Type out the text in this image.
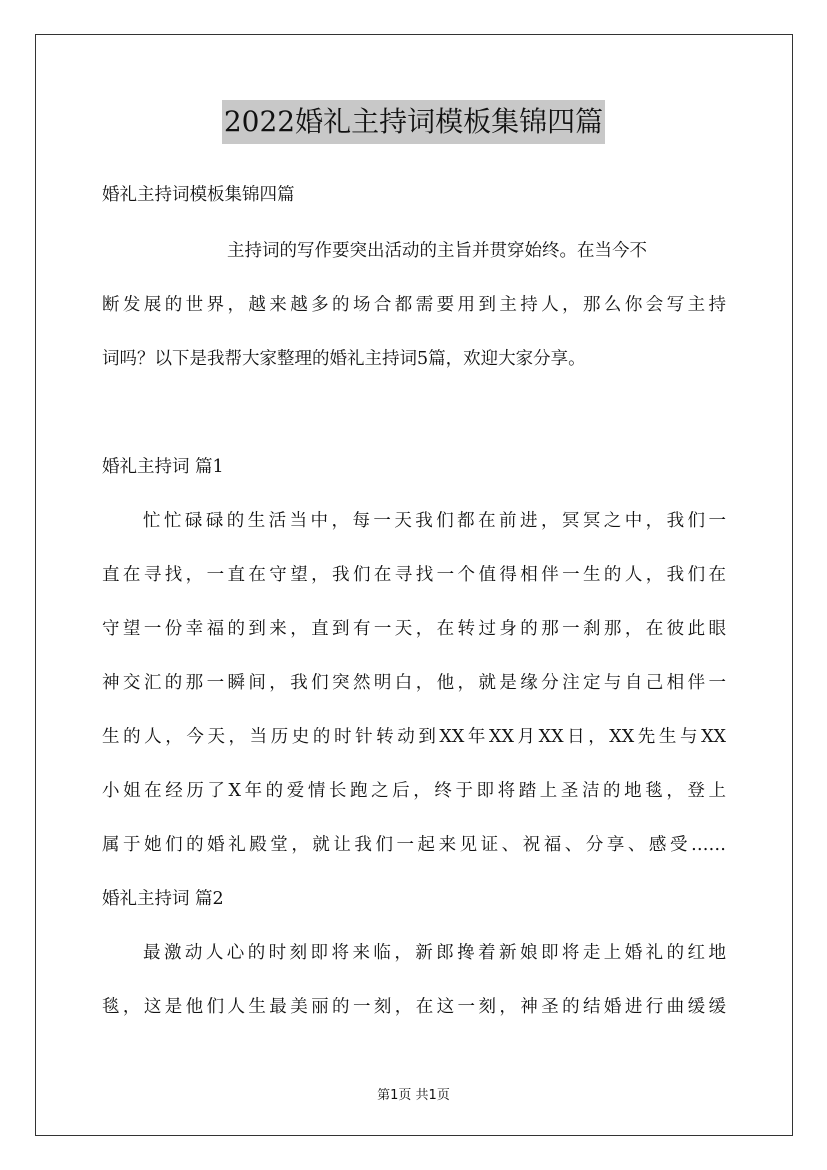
2022婚礼主持词模板集锦四篇
婚礼主持词模板集锦四篇
主持词的写作要突出活动的主旨并贯穿始终。在当今不
断发展的世界，越来越多的场合都需要用到主持人，那么你会写主持
词吗？以下是我帮大家整理的婚礼主持词5篇，欢迎大家分享。
婚礼主持词 篇1
忙忙碌碌的生活当中，每一天我们都在前进，冥冥之中，我们一
直在寻找，一直在守望，我们在寻找一个值得相伴一生的人，我们在
守望一份幸福的到来，直到有一天，在转过身的那一刹那，在彼此眼
神交汇的那一瞬间，我们突然明白，他，就是缘分注定与自己相伴一
生的人，今天，当历史的时针转动到XX年XX月XX日，XX先生与XX
小姐在经历了X年的爱情长跑之后，终于即将踏上圣洁的地毯，登上
属于她们的婚礼殿堂，就让我们一起来见证、祝福、分享、感受……
婚礼主持词 篇2
最激动人心的时刻即将来临，新郎搀着新娘即将走上婚礼的红地
毯，这是他们人生最美丽的一刻，在这一刻，神圣的结婚进行曲缓缓
第1页 共1页
